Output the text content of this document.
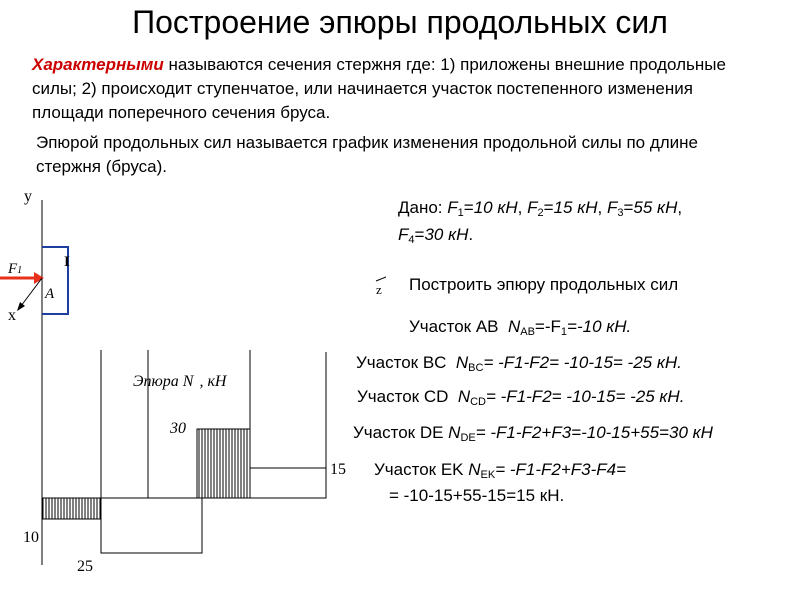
Построение эпюры продольных сил
Характерными называются сечения стержня где: 1) приложены внешние продольные силы; 2) происходит ступенчатое, или начинается участок постепенного изменения площади поперечного сечения бруса.
Эпюрой продольных сил называется график изменения продольной силы по длине стержня (бруса).
Дано: $F_1=10$ кН, $F_2=15$ кН, $F_3=55$ кН,
$F_4=30$ кН.
Построить эпюру продольных сил
Участок AB $N_{AB}=-F_1=-10$ кН.
Участок BC $N_{BC}= -F1-F2= -10-15= -25$ кН.
Участок CD $N_{CD}= -F1-F2= -10-15= -25$ кН.
Участок DE $N_{DE}= -F1-F2+F3=-10-15+55=30$ кН
Участок EK $N_{EK}= -F1-F2+F3-F4=$
= -10-15+55-15=15 кН.
y
F1
x
A
I
z
Эпюра N , кН
30
15
10
25
